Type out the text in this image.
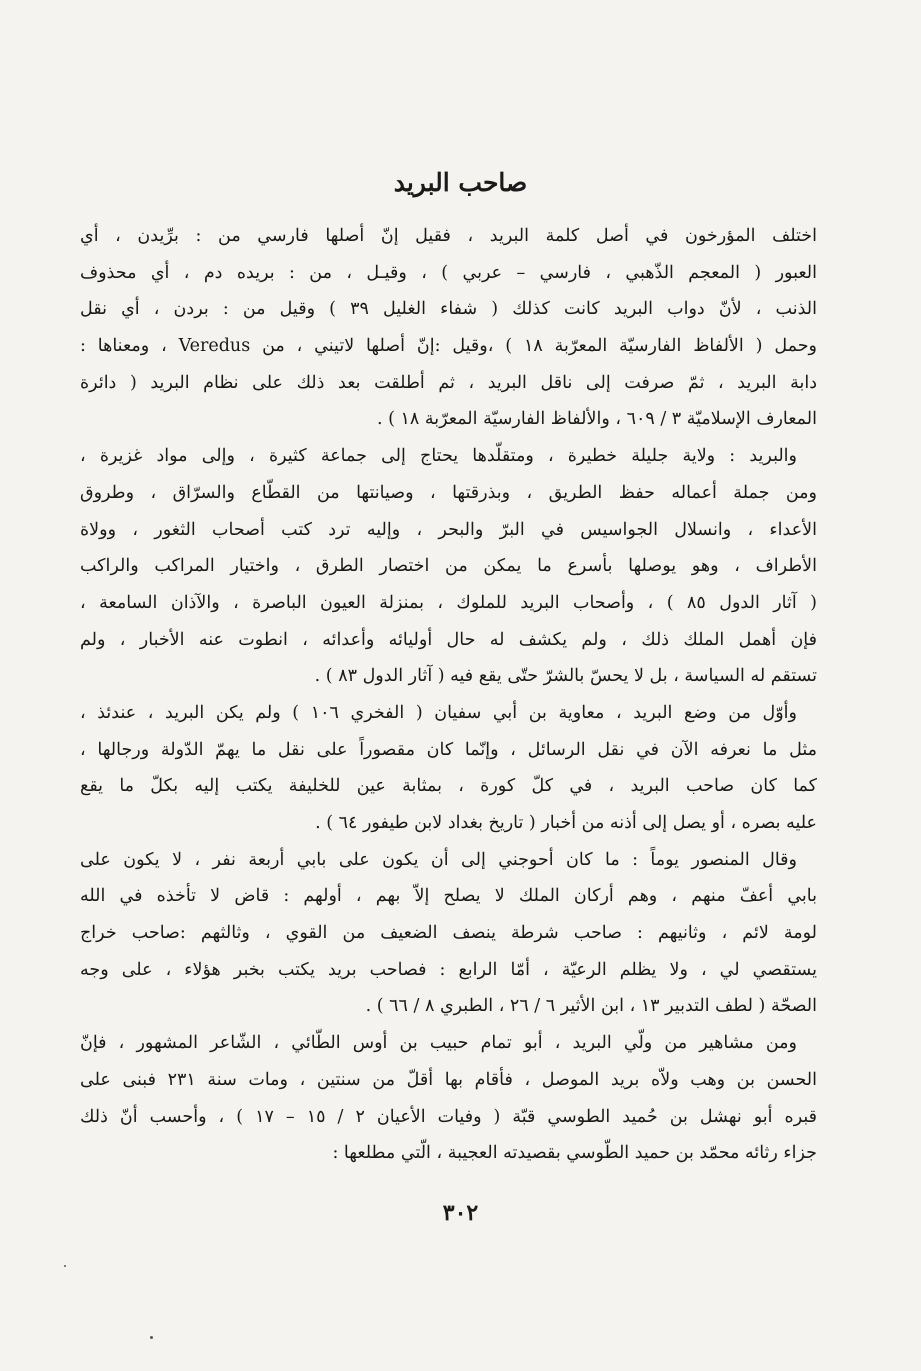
صاحب البريد
اختلف المؤرخون في أصل كلمة البريد ، فقيل إنّ أصلها فارسي من : برِّيدن ، أي
العبور ( المعجم الذّهبي ، فارسي – عربي ) ، وقيـل ، من : بريده دم ، أي محذوف
الذنب ، لأنّ دواب البريد كانت كذلك ( شفاء الغليل ٣٩ ) وقيل من : بردن ، أي نقل
وحمل ( الألفاظ الفارسيّة المعرّبة ١٨ ) ،وقيل :إنّ أصلها لاتيني ، من Veredus ، ومعناها :
دابة البريد ، ثمّ صرفت إلى ناقل البريد ، ثم أطلقت بعد ذلك على نظام البريد ( دائرة
المعارف الإسلاميّة ٣ / ٦٠٩ ، والألفاظ الفارسيّة المعرّبة ١٨ ) .
والبريد : ولاية جليلة خطيرة ، ومتقلّدها يحتاج إلى جماعة كثيرة ، وإلى مواد غزيرة ،
ومن جملة أعماله حفظ الطريق ، وبذرقتها ، وصيانتها من القطّاع والسرّاق ، وطروق
الأعداء ، وانسلال الجواسيس في البرّ والبحر ، وإليه ترد كتب أصحاب الثغور ، وولاة
الأطراف ، وهو يوصلها بأسرع ما يمكن من اختصار الطرق ، واختيار المراكب والراكب
( آثار الدول ٨٥ ) ، وأصحاب البريد للملوك ، بمنزلة العيون الباصرة ، والآذان السامعة ،
فإن أهمل الملك ذلك ، ولم يكشف له حال أوليائه وأعدائه ، انطوت عنه الأخبار ، ولم
تستقم له السياسة ، بل لا يحسّ بالشرّ حتّى يقع فيه ( آثار الدول ٨٣ ) .
وأوّل من وضع البريد ، معاوية بن أبي سفيان ( الفخري ١٠٦ ) ولم يكن البريد ، عندئذ ،
مثل ما نعرفه الآن في نقل الرسائل ، وإنّما كان مقصوراً على نقل ما يهمّ الدّولة ورجالها ،
كما كان صاحب البريد ، في كلّ كورة ، بمثابة عين للخليفة يكتب إليه بكلّ ما يقع
عليه بصره ، أو يصل إلى أذنه من أخبار ( تاريخ بغداد لابن طيفور ٦٤ ) .
وقال المنصور يوماً : ما كان أحوجني إلى أن يكون على بابي أربعة نفر ، لا يكون على
بابي أعفّ منهم ، وهم أركان الملك لا يصلح إلاّ بهم ، أولهم : قاض لا تأخذه في الله
لومة لائم ، وثانيهم : صاحب شرطة ينصف الضعيف من القوي ، وثالثهم :صاحب خراج
يستقصي لي ، ولا يظلم الرعيّة ، أمّا الرابع : فصاحب بريد يكتب بخبر هؤلاء ، على وجه
الصحّة ( لطف التدبير ١٣ ، ابن الأثير ٦ / ٢٦ ، الطبري ٨ / ٦٦ ) .
ومن مشاهير من ولّي البريد ، أبو تمام حبيب بن أوس الطّائي ، الشّاعر المشهور ، فإنّ
الحسن بن وهب ولاّه بريد الموصل ، فأقام بها أقلّ من سنتين ، ومات سنة ٢٣١ فبنى على
قبره أبو نهشل بن حُميد الطوسي قبّة ( وفيات الأعيان ٢ / ١٥ – ١٧ ) ، وأحسب أنّ ذلك
جزاء رثائه محمّد بن حميد الطّوسي بقصيدته العجيبة ، الّتي مطلعها :
٣٠٢
